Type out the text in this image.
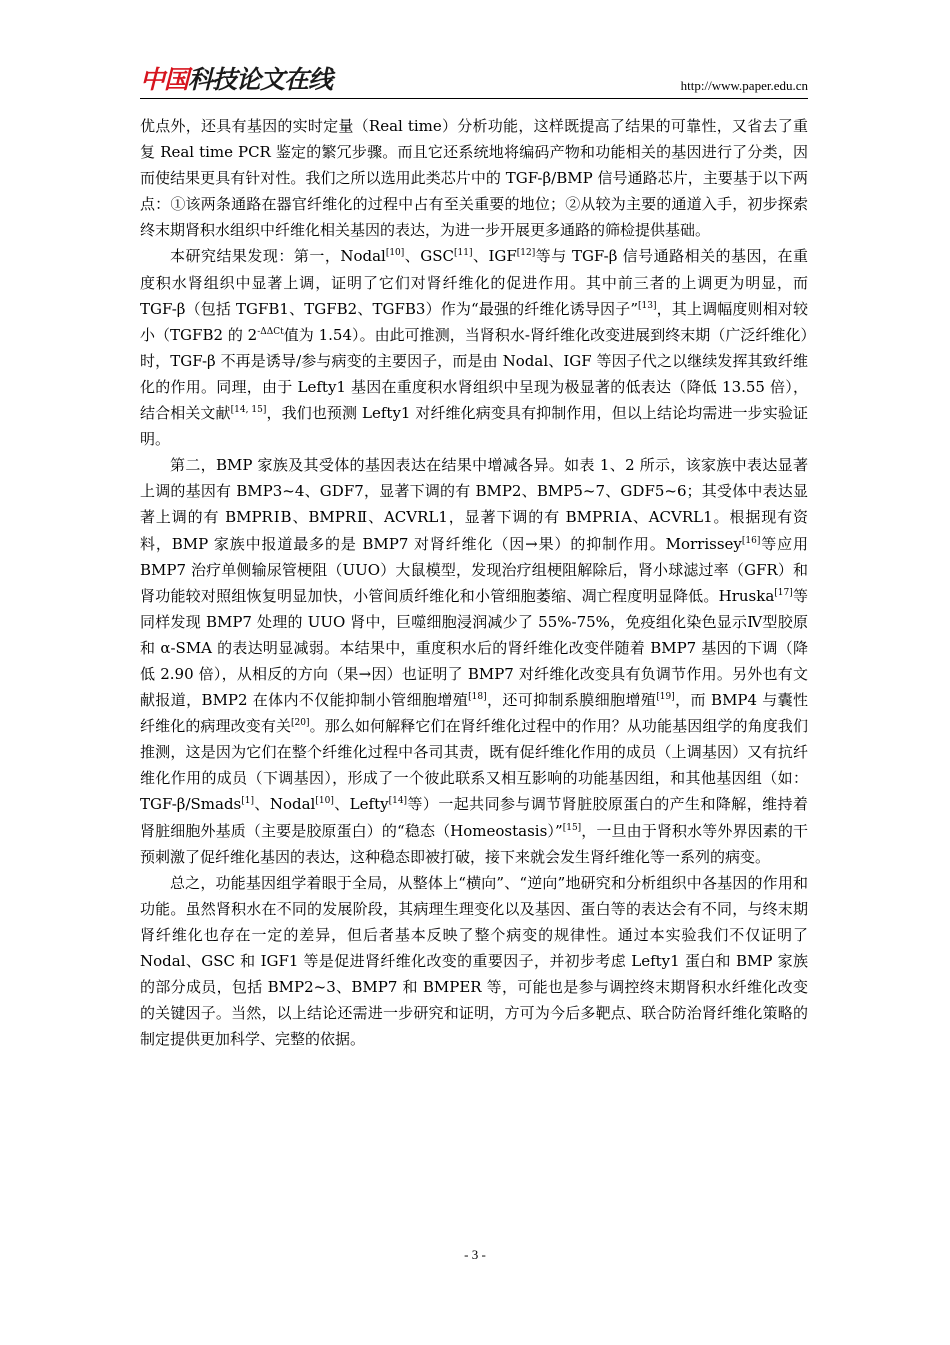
中国科技论文在线	http://www.paper.edu.cn

优点外，还具有基因的实时定量（Real time）分析功能，这样既提高了结果的可靠性，又省去了重复 Real time PCR 鉴定的繁冗步骤。而且它还系统地将编码产物和功能相关的基因进行了分类，因而使结果更具有针对性。我们之所以选用此类芯片中的 TGF-β/BMP 信号通路芯片，主要基于以下两点：①该两条通路在器官纤维化的过程中占有至关重要的地位；②从较为主要的通道入手，初步探索终末期肾积水组织中纤维化相关基因的表达，为进一步开展更多通路的筛检提供基础。

本研究结果发现：第一，Nodal[10]、GSC[11]、IGF[12]等与 TGF-β 信号通路相关的基因，在重度积水肾组织中显著上调，证明了它们对肾纤维化的促进作用。其中前三者的上调更为明显，而 TGF-β（包括 TGFB1、TGFB2、TGFB3）作为“最强的纤维化诱导因子”[13]，其上调幅度则相对较小（TGFB2 的 $2^{-\Delta\Delta Ct}$值为 1.54）。由此可推测，当肾积水-肾纤维化改变进展到终末期（广泛纤维化）时，TGF-β 不再是诱导/参与病变的主要因子，而是由 Nodal、IGF 等因子代之以继续发挥其致纤维化的作用。同理，由于 Lefty1 基因在重度积水肾组织中呈现为极显著的低表达（降低 13.55 倍），结合相关文献[14, 15]，我们也预测 Lefty1 对纤维化病变具有抑制作用，但以上结论均需进一步实验证明。

第二，BMP 家族及其受体的基因表达在结果中增减各异。如表 1、2 所示，该家族中表达显著上调的基因有 BMP3~4、GDF7，显著下调的有 BMP2、BMP5~7、GDF5~6；其受体中表达显著上调的有 BMPRⅠB、BMPRⅡ、ACVRL1，显著下调的有 BMPRⅠA、ACVRL1。根据现有资料，BMP 家族中报道最多的是 BMP7 对肾纤维化（因→果）的抑制作用。Morrissey[16]等应用 BMP7 治疗单侧输尿管梗阻（UUO）大鼠模型，发现治疗组梗阻解除后，肾小球滤过率（GFR）和肾功能较对照组恢复明显加快，小管间质纤维化和小管细胞萎缩、凋亡程度明显降低。Hruska[17]等同样发现 BMP7 处理的 UUO 肾中，巨噬细胞浸润减少了 55%-75%，免疫组化染色显示Ⅳ型胶原和 α-SMA 的表达明显减弱。本结果中，重度积水后的肾纤维化改变伴随着 BMP7 基因的下调（降低 2.90 倍），从相反的方向（果→因）也证明了 BMP7 对纤维化改变具有负调节作用。另外也有文献报道，BMP2 在体内不仅能抑制小管细胞增殖[18]，还可抑制系膜细胞增殖[19]，而 BMP4 与囊性纤维化的病理改变有关[20]。那么如何解释它们在肾纤维化过程中的作用？从功能基因组学的角度我们推测，这是因为它们在整个纤维化过程中各司其责，既有促纤维化作用的成员（上调基因）又有抗纤维化作用的成员（下调基因），形成了一个彼此联系又相互影响的功能基因组，和其他基因组（如：TGF-β/Smads[1]、Nodal[10]、Lefty[14]等）一起共同参与调节肾脏胶原蛋白的产生和降解，维持着肾脏细胞外基质（主要是胶原蛋白）的“稳态（Homeostasis）”[15]，一旦由于肾积水等外界因素的干预刺激了促纤维化基因的表达，这种稳态即被打破，接下来就会发生肾纤维化等一系列的病变。

总之，功能基因组学着眼于全局，从整体上“横向”、“逆向”地研究和分析组织中各基因的作用和功能。虽然肾积水在不同的发展阶段，其病理生理变化以及基因、蛋白等的表达会有不同，与终末期肾纤维化也存在一定的差异，但后者基本反映了整个病变的规律性。通过本实验我们不仅证明了 Nodal、GSC 和 IGF1 等是促进肾纤维化改变的重要因子，并初步考虑 Lefty1 蛋白和 BMP 家族的部分成员，包括 BMP2~3、BMP7 和 BMPER 等，可能也是参与调控终末期肾积水纤维化改变的关键因子。当然，以上结论还需进一步研究和证明，方可为今后多靶点、联合防治肾纤维化策略的制定提供更加科学、完整的依据。

- 3 -
